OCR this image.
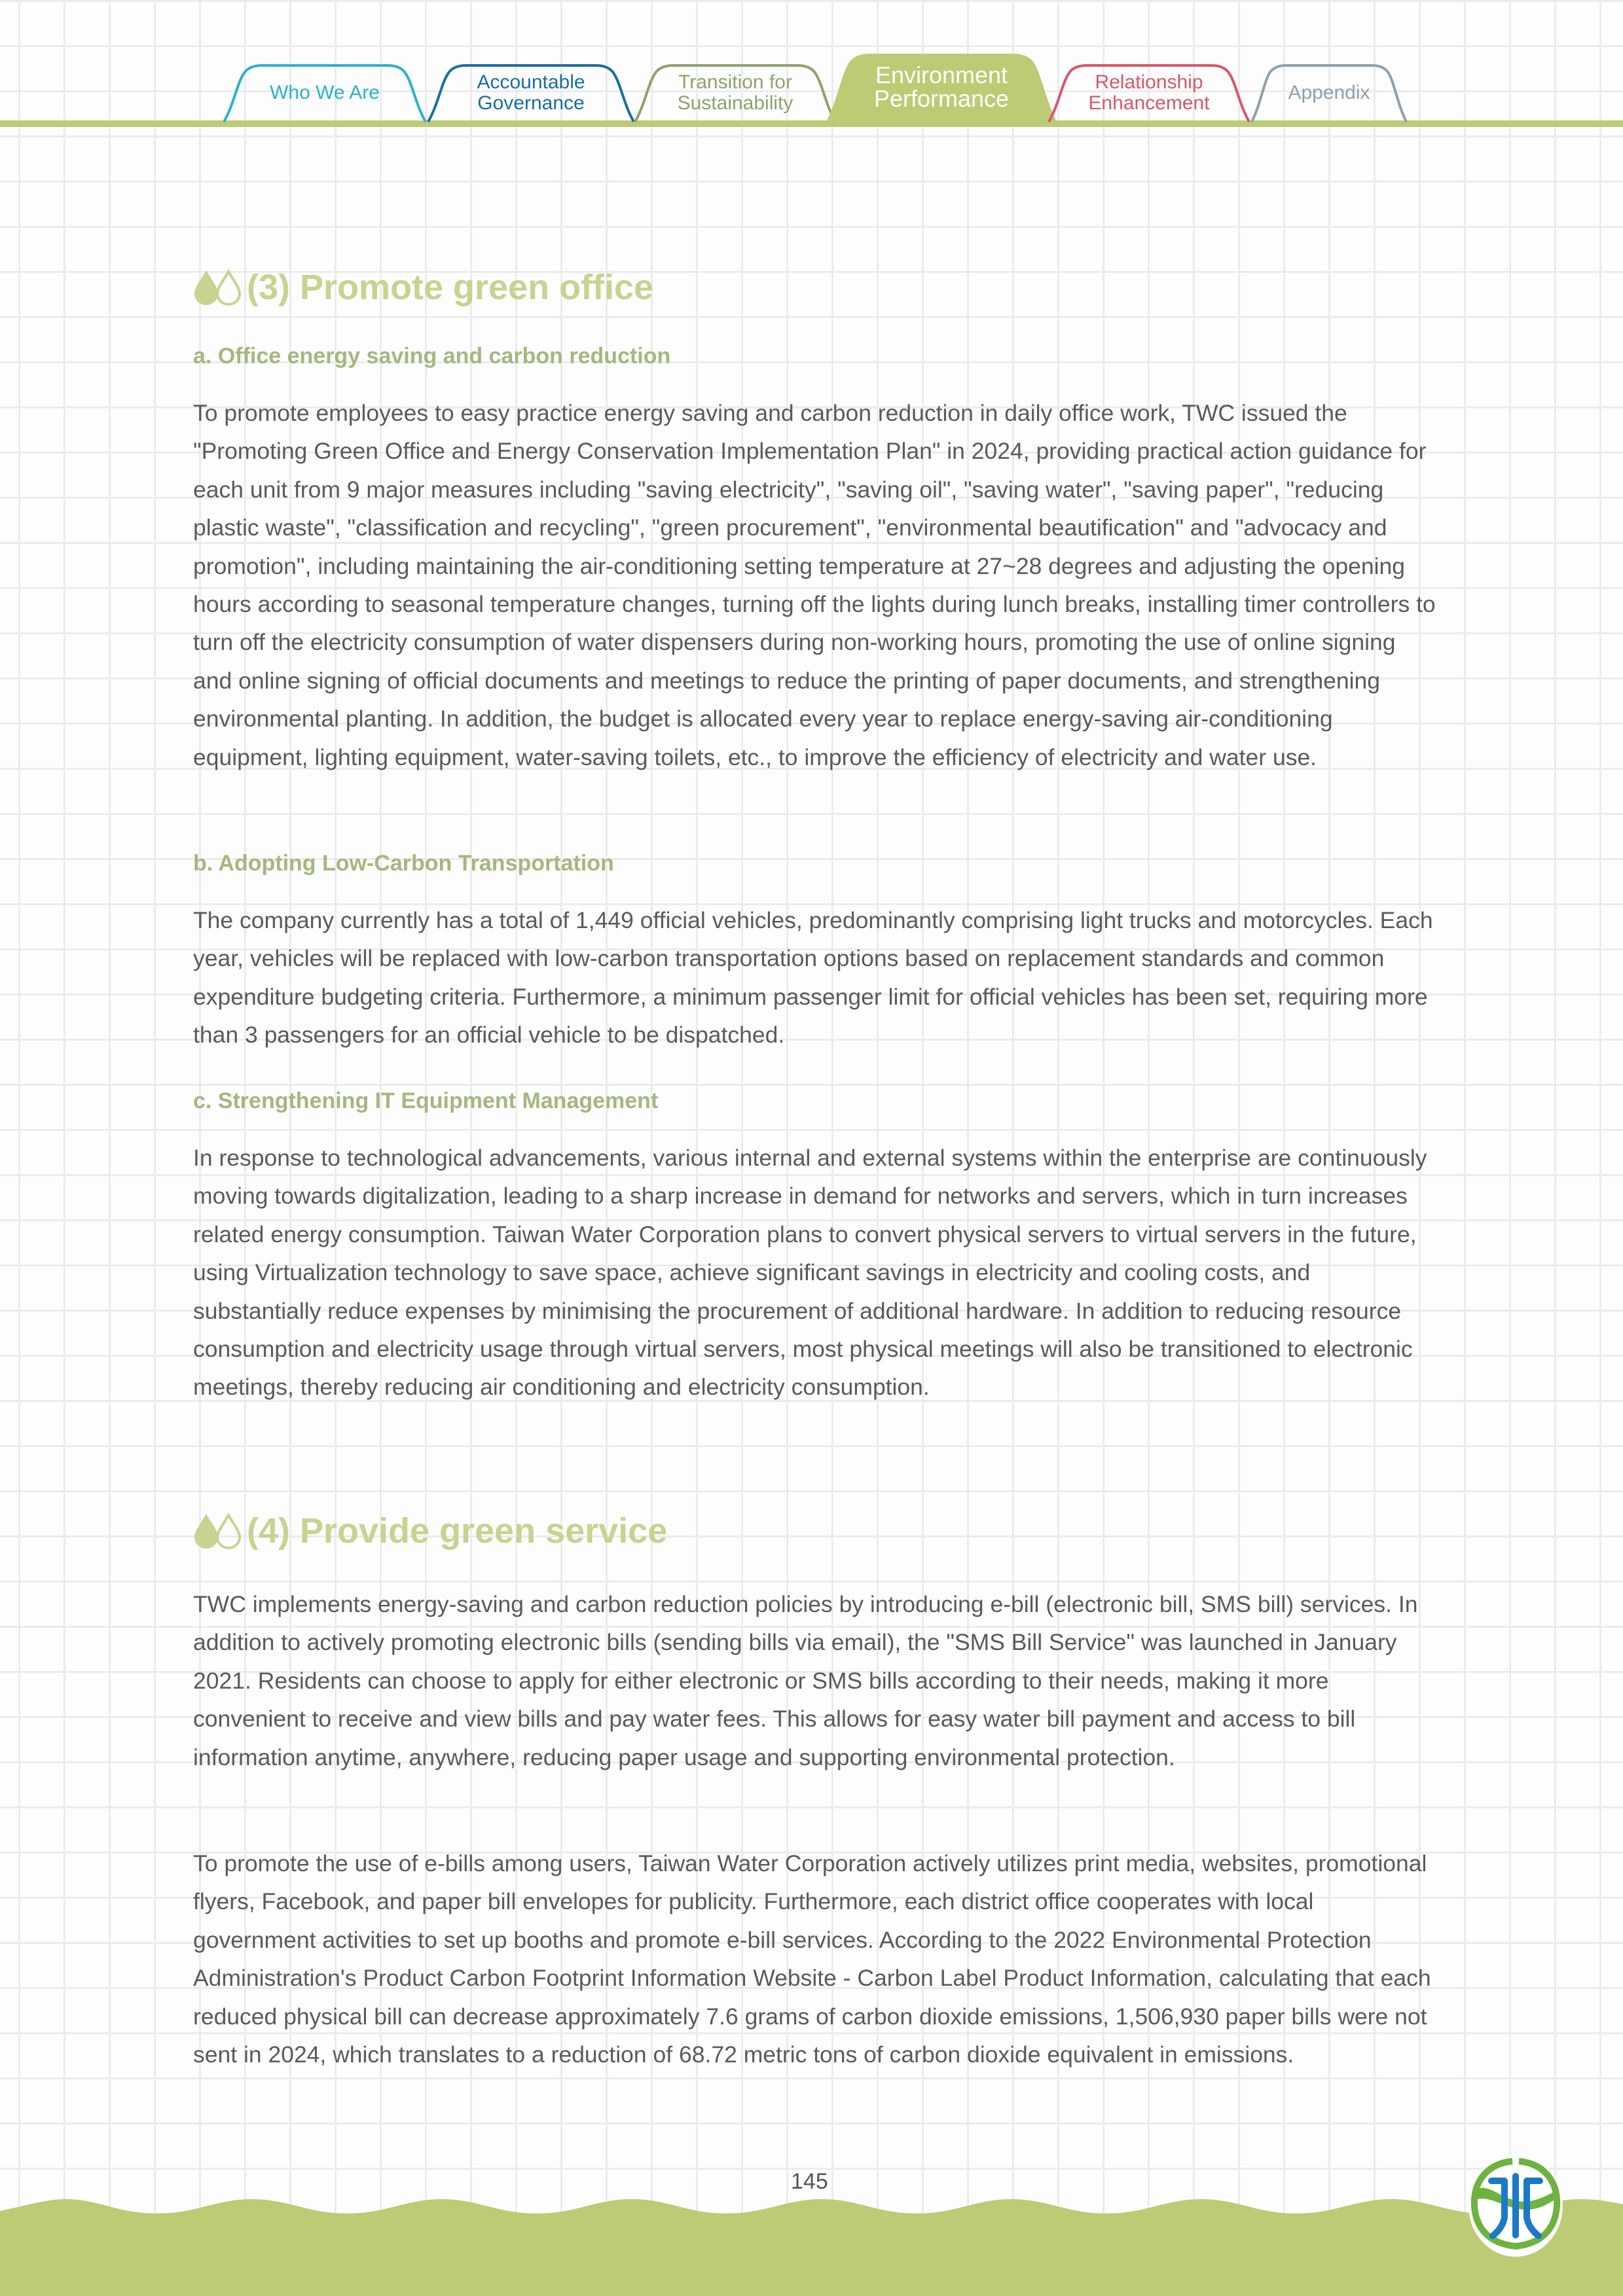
Who We Are	Accountable
Governance
Transition for
Sustainability
Environment
Performance
Relationship
Enhancement	Appendix
(3) Promote green office
a. Office energy saving and carbon reduction

To promote employees to easy practice energy saving and carbon reduction in daily office work, TWC issued the "Promoting Green Office and Energy Conservation Implementation Plan" in 2024, providing practical action guidance for each unit from 9 major measures including "saving electricity", "saving oil", "saving water", "saving paper", "reducing plastic waste", "classification and recycling", "green procurement", "environmental beautification" and "advocacy and promotion", including maintaining the air-conditioning setting temperature at 27~28 degrees and adjusting the opening hours according to seasonal temperature changes, turning off the lights during lunch breaks, installing timer controllers to turn off the electricity consumption of water dispensers during non-working hours, promoting the use of online signing and online signing of official documents and meetings to reduce the printing of paper documents, and strengthening environmental planting. In addition, the budget is allocated every year to replace energy-saving air-conditioning equipment, lighting equipment, water-saving toilets, etc., to improve the efficiency of electricity and water use.

b. Adopting Low-Carbon Transportation

The company currently has a total of 1,449 official vehicles, predominantly comprising light trucks and motorcycles. Each year, vehicles will be replaced with low-carbon transportation options based on replacement standards and common expenditure budgeting criteria. Furthermore, a minimum passenger limit for official vehicles has been set, requiring more than 3 passengers for an official vehicle to be dispatched.

c. Strengthening IT Equipment Management

In response to technological advancements, various internal and external systems within the enterprise are continuously moving towards digitalization, leading to a sharp increase in demand for networks and servers, which in turn increases related energy consumption. Taiwan Water Corporation plans to convert physical servers to virtual servers in the future, using Virtualization technology to save space, achieve significant savings in electricity and cooling costs, and substantially reduce expenses by minimising the procurement of additional hardware. In addition to reducing resource consumption and electricity usage through virtual servers, most physical meetings will also be transitioned to electronic meetings, thereby reducing air conditioning and electricity consumption.

(4) Provide green service

TWC implements energy-saving and carbon reduction policies by introducing e-bill (electronic bill, SMS bill) services. In addition to actively promoting electronic bills (sending bills via email), the "SMS Bill Service" was launched in January 2021. Residents can choose to apply for either electronic or SMS bills according to their needs, making it more convenient to receive and view bills and pay water fees. This allows for easy water bill payment and access to bill information anytime, anywhere, reducing paper usage and supporting environmental protection.

To promote the use of e-bills among users, Taiwan Water Corporation actively utilizes print media, websites, promotional flyers, Facebook, and paper bill envelopes for publicity. Furthermore, each district office cooperates with local government activities to set up booths and promote e-bill services. According to the 2022 Environmental Protection Administration's Product Carbon Footprint Information Website - Carbon Label Product Information, calculating that each reduced physical bill can decrease approximately 7.6 grams of carbon dioxide emissions, 1,506,930 paper bills were not sent in 2024, which translates to a reduction of 68.72 metric tons of carbon dioxide equivalent in emissions.

145
